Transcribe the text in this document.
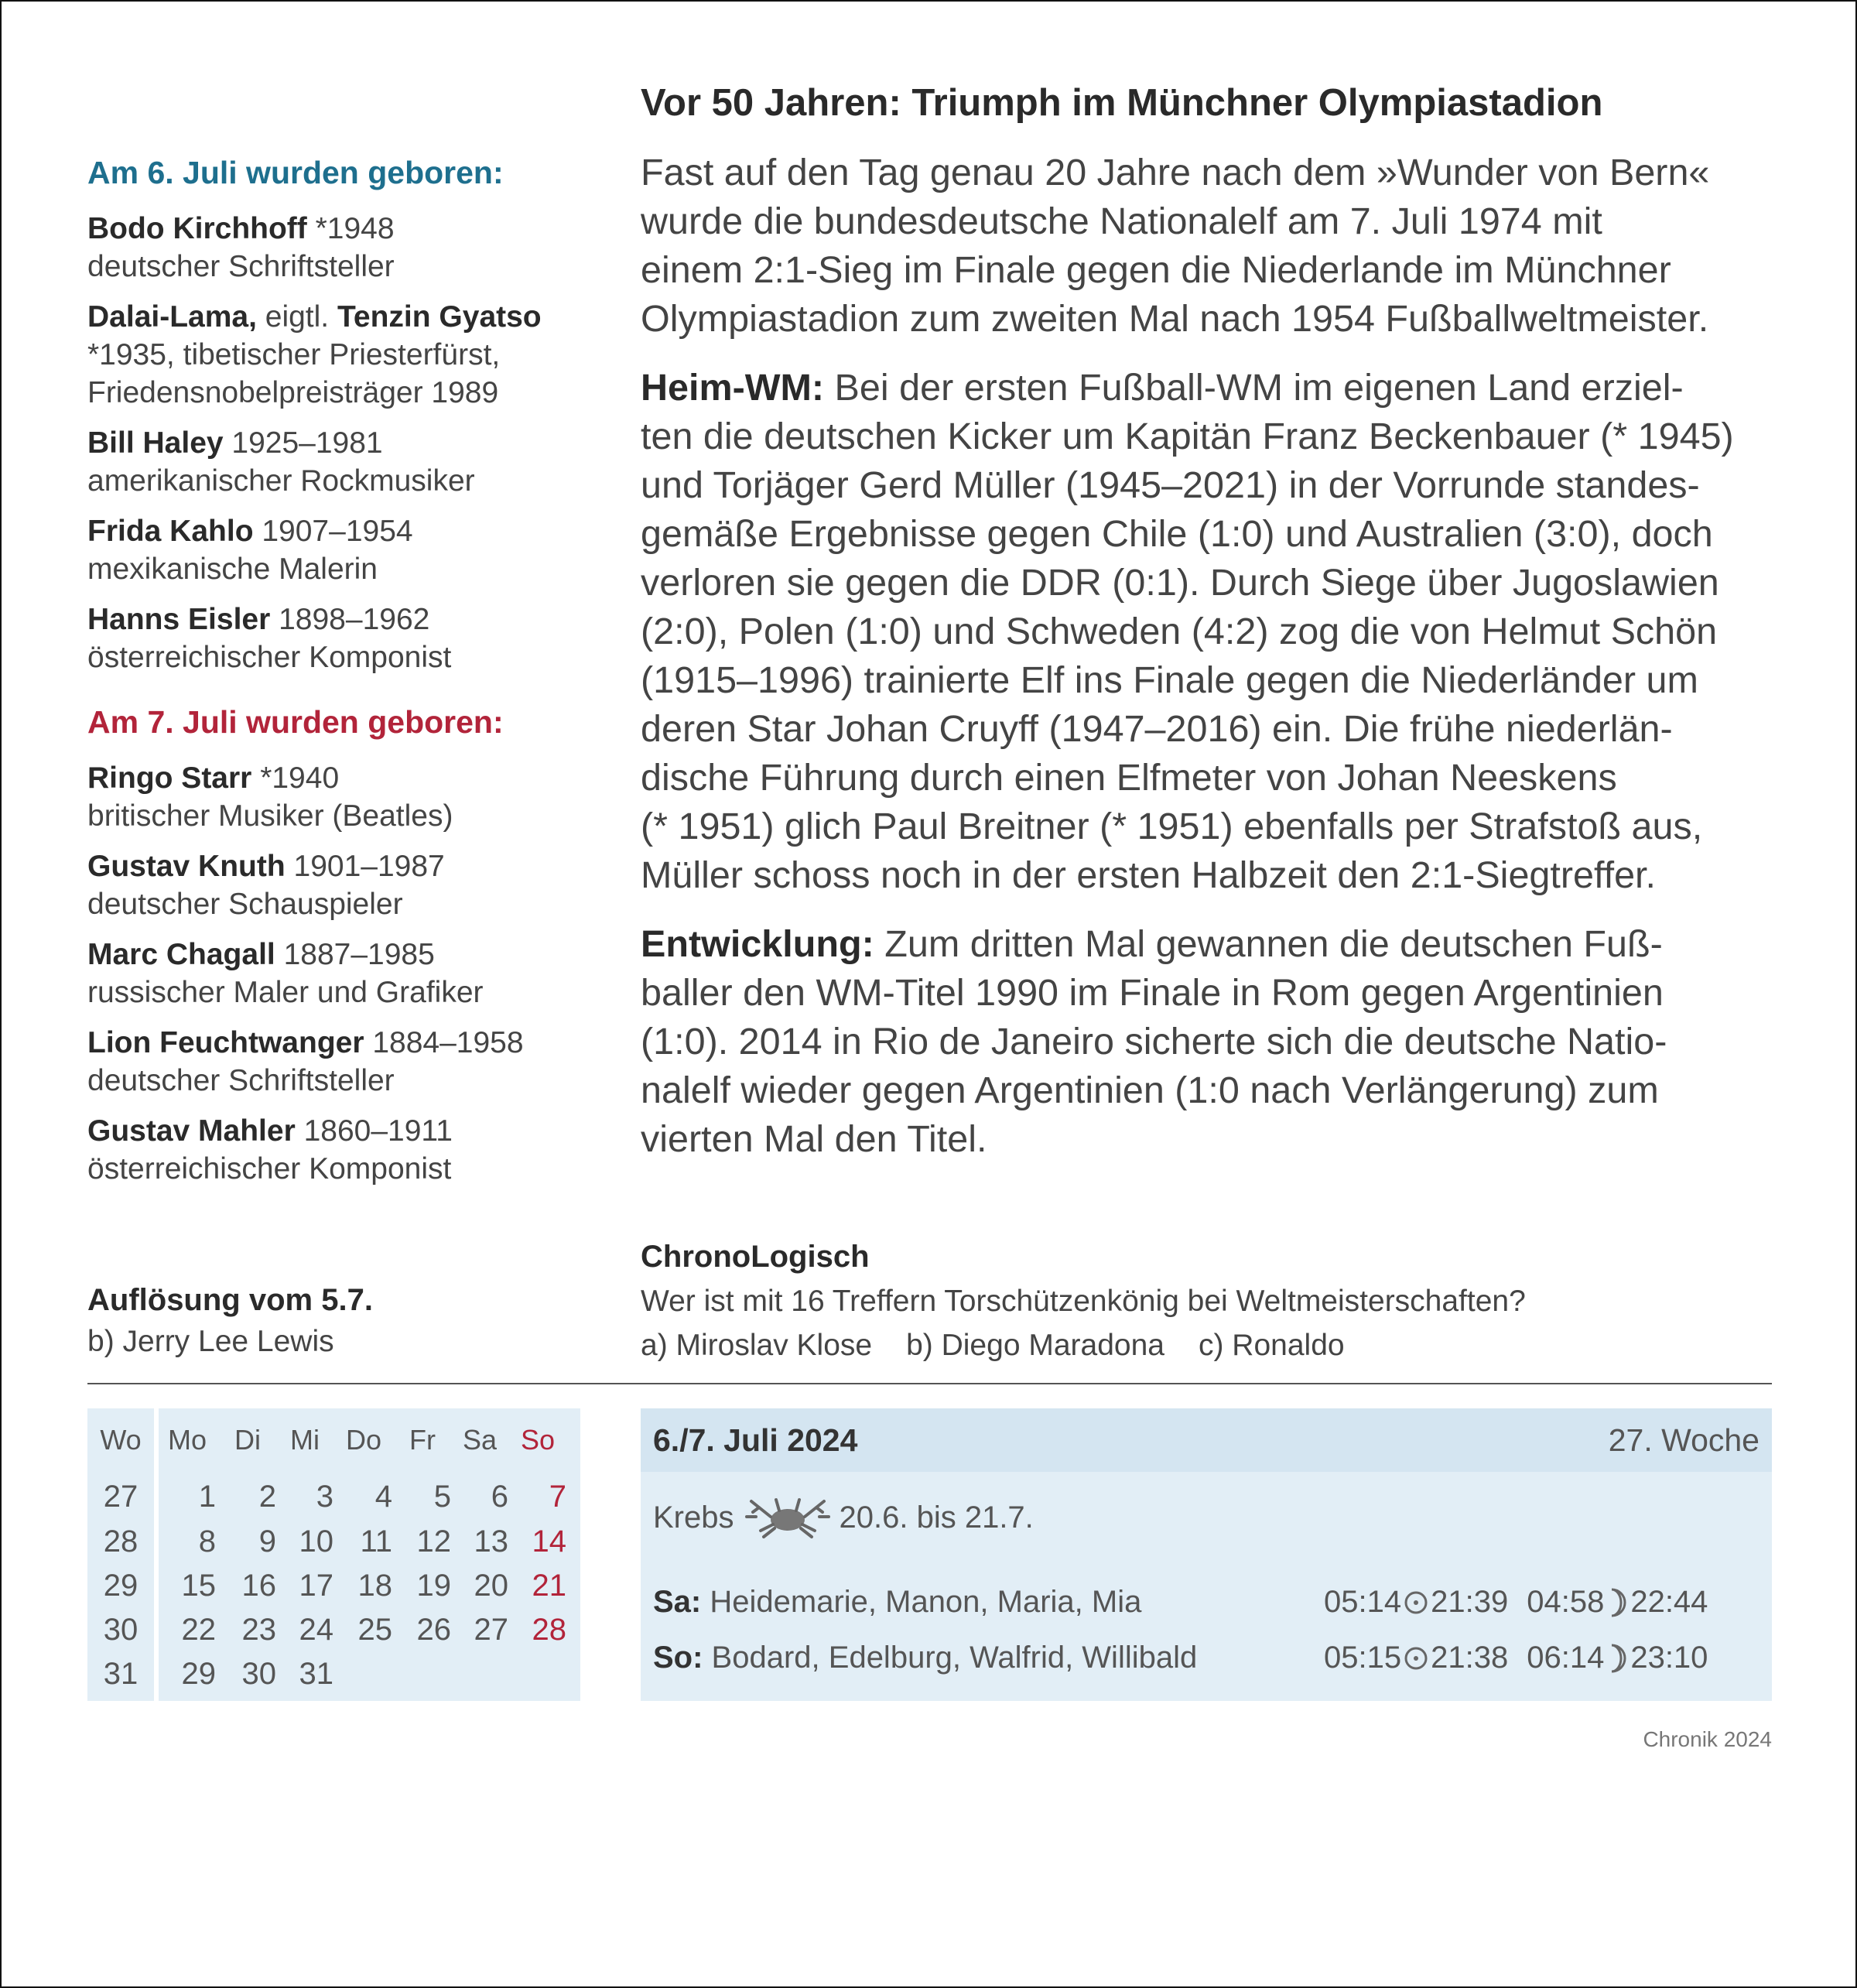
Am 6. Juli wurden geboren:
Bodo Kirchhoff *1948
deutscher Schriftsteller
Dalai-Lama, eigtl. Tenzin Gyatso
*1935, tibetischer Priesterfürst,
Friedensnobelpreisträger 1989
Bill Haley 1925–1981
amerikanischer Rockmusiker
Frida Kahlo 1907–1954
mexikanische Malerin
Hanns Eisler 1898–1962
österreichischer Komponist
Am 7. Juli wurden geboren:
Ringo Starr *1940
britischer Musiker (Beatles)
Gustav Knuth 1901–1987
deutscher Schauspieler
Marc Chagall 1887–1985
russischer Maler und Grafiker
Lion Feuchtwanger 1884–1958
deutscher Schriftsteller
Gustav Mahler 1860–1911
österreichischer Komponist
Auflösung vom 5.7.
b) Jerry Lee Lewis
Vor 50 Jahren: Triumph im Münchner Olympiastadion

Fast auf den Tag genau 20 Jahre nach dem »Wunder von Bern«
wurde die bundesdeutsche Nationalelf am 7. Juli 1974 mit
einem 2:1-Sieg im Finale gegen die Niederlande im Münchner
Olympiastadion zum zweiten Mal nach 1954 Fußballweltmeister.

Heim-WM: Bei der ersten Fußball-WM im eigenen Land erziel-
ten die deutschen Kicker um Kapitän Franz Beckenbauer (* 1945)
und Torjäger Gerd Müller (1945–2021) in der Vorrunde standes-
gemäße Ergebnisse gegen Chile (1:0) und Australien (3:0), doch
verloren sie gegen die DDR (0:1). Durch Siege über Jugoslawien
(2:0), Polen (1:0) und Schweden (4:2) zog die von Helmut Schön
(1915–1996) trainierte Elf ins Finale gegen die Niederländer um
deren Star Johan Cruyff (1947–2016) ein. Die frühe niederlän-
dische Führung durch einen Elfmeter von Johan Neeskens
(* 1951) glich Paul Breitner (* 1951) ebenfalls per Strafstoß aus,
Müller schoss noch in der ersten Halbzeit den 2:1-Siegtreffer.

Entwicklung: Zum dritten Mal gewannen die deutschen Fuß-
baller den WM-Titel 1990 im Finale in Rom gegen Argentinien
(1:0). 2014 in Rio de Janeiro sicherte sich die deutsche Natio-
nalelf wieder gegen Argentinien (1:0 nach Verlängerung) zum
vierten Mal den Titel.

ChronoLogisch
Wer ist mit 16 Treffern Torschützenkönig bei Weltmeisterschaften?
a) Miroslav Klose b) Diego Maradona c) Ronaldo
Wo Mo	Di	Mi Do Fr Sa So
27	1	2	3	4	5	6	7
28	8	9 10 11 12 13 14
29	15 16 17 18 19 20 21
30	22 23 24 25 26 27 28
31	29 30 31
6./7. Juli 2024	27. Woche
Krebs	20.6. bis 21.7.
Sa: Heidemarie, Manon, Maria, Mia	05:14 21:39 04:58 22:44
So: Bodard, Edelburg, Walfrid, Willibald	05:15 21:38 06:14 23:10
Chronik 2024
